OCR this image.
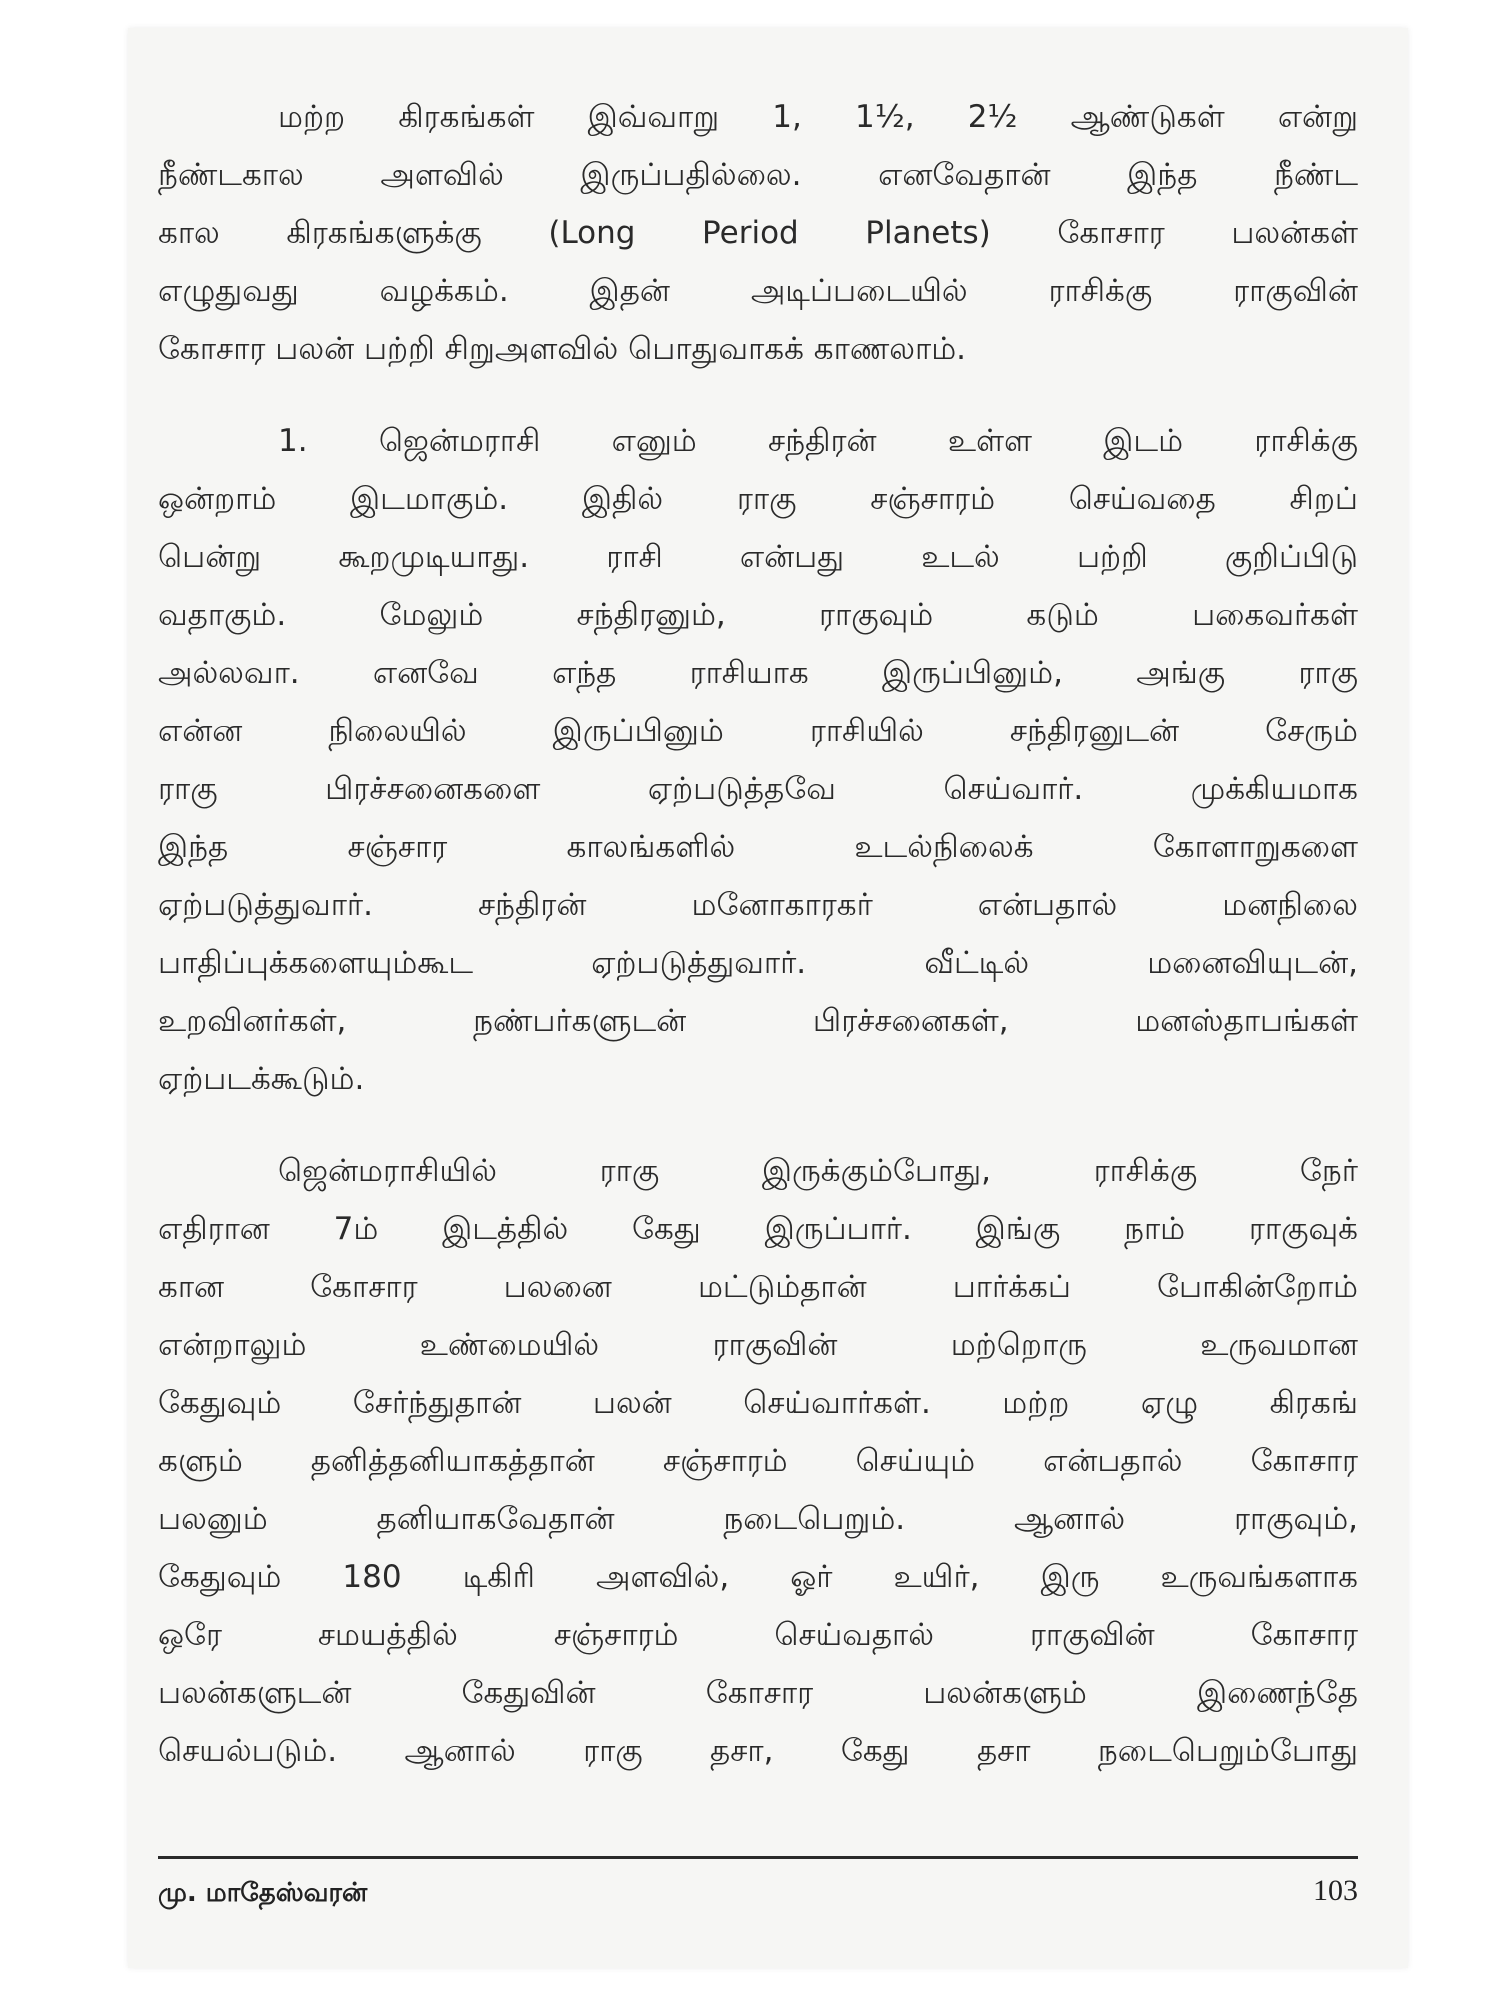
மற்ற கிரகங்கள் இவ்வாறு 1, 1½, 2½ ஆண்டுகள் என்று
நீண்டகால அளவில் இருப்பதில்லை. எனவேதான் இந்த நீண்ட
கால கிரகங்களுக்கு (Long Period Planets) கோசார பலன்கள்
எழுதுவது வழக்கம். இதன் அடிப்படையில் ராசிக்கு ராகுவின்
கோசார பலன் பற்றி சிறுஅளவில் பொதுவாகக் காணலாம்.
1. ஜென்மராசி எனும் சந்திரன் உள்ள இடம் ராசிக்கு
ஒன்றாம் இடமாகும். இதில் ராகு சஞ்சாரம் செய்வதை சிறப்
பென்று கூறமுடியாது. ராசி என்பது உடல் பற்றி குறிப்பிடு
வதாகும். மேலும் சந்திரனும், ராகுவும் கடும் பகைவர்கள்
அல்லவா. எனவே எந்த ராசியாக இருப்பினும், அங்கு ராகு
என்ன நிலையில் இருப்பினும் ராசியில் சந்திரனுடன் சேரும்
ராகு பிரச்சனைகளை ஏற்படுத்தவே செய்வார். முக்கியமாக
இந்த சஞ்சார காலங்களில் உடல்நிலைக் கோளாறுகளை
ஏற்படுத்துவார். சந்திரன் மனோகாரகர் என்பதால் மனநிலை
பாதிப்புக்களையும்கூட ஏற்படுத்துவார். வீட்டில் மனைவியுடன்,
உறவினர்கள், நண்பர்களுடன் பிரச்சனைகள், மனஸ்தாபங்கள்
ஏற்படக்கூடும்.
ஜென்மராசியில் ராகு இருக்கும்போது, ராசிக்கு நேர்
எதிரான 7ம் இடத்தில் கேது இருப்பார். இங்கு நாம் ராகுவுக்
கான கோசார பலனை மட்டும்தான் பார்க்கப் போகின்றோம்
என்றாலும் உண்மையில் ராகுவின் மற்றொரு உருவமான
கேதுவும் சேர்ந்துதான் பலன் செய்வார்கள். மற்ற ஏழு கிரகங்
களும் தனித்தனியாகத்தான் சஞ்சாரம் செய்யும் என்பதால் கோசார
பலனும் தனியாகவேதான் நடைபெறும். ஆனால் ராகுவும்,
கேதுவும் 180 டிகிரி அளவில், ஓர் உயிர், இரு உருவங்களாக
ஒரே சமயத்தில் சஞ்சாரம் செய்வதால் ராகுவின் கோசார
பலன்களுடன் கேதுவின் கோசார பலன்களும் இணைந்தே
செயல்படும். ஆனால் ராகு தசா, கேது தசா நடைபெறும்போது
மு. மாதேஸ்வரன்	103
